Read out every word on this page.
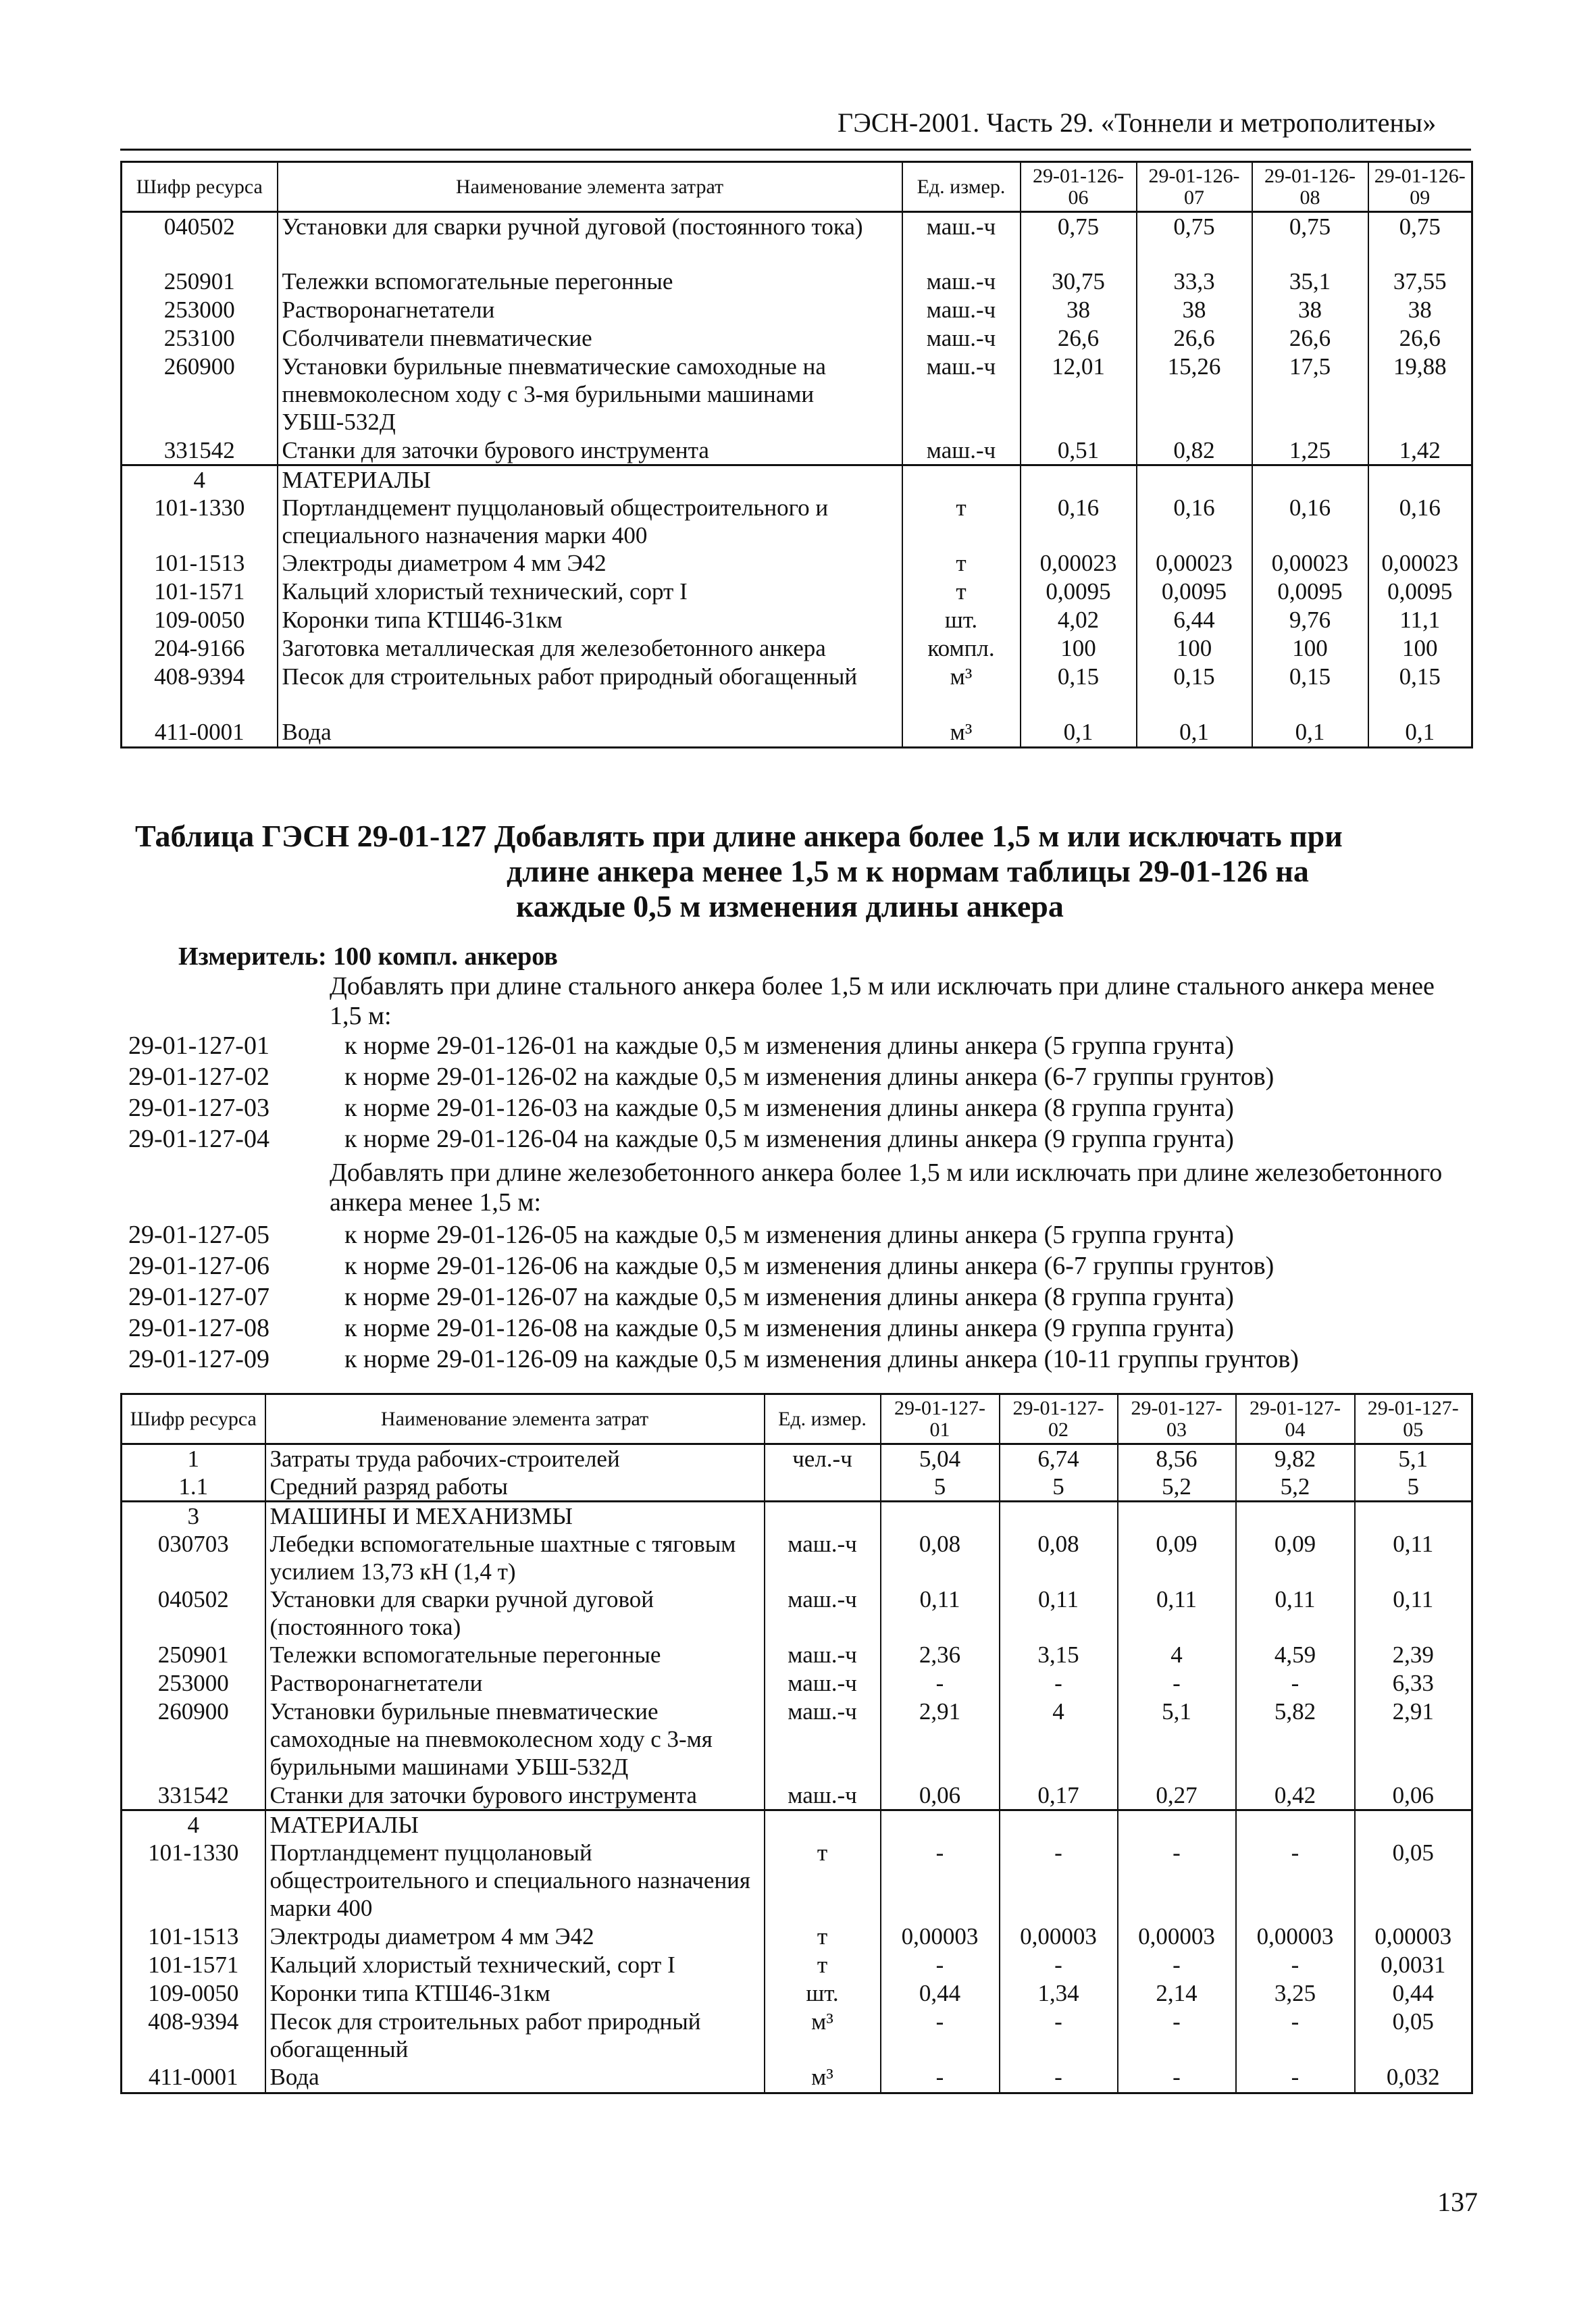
ГЭСН-2001. Часть 29. «Тоннели и метрополитены»
Шифр ресурса	Наименование элемента затрат	Ед. измер.	29-01-126-06	29-01-126-07	29-01-126-08	29-01-126-09
040502	Установки для сварки ручной дуговой (постоянного тока)	маш.-ч	0,75	0,75	0,75	0,75
250901	Тележки вспомогательные перегонные	маш.-ч	30,75	33,3	35,1	37,55
253000	Растворонагнетатели	маш.-ч	38	38	38	38
253100	Сболчиватели пневматические	маш.-ч	26,6	26,6	26,6	26,6
260900	Установки бурильные пневматические самоходные на пневмоколесном ходу с 3-мя бурильными машинами УБШ-532Д	маш.-ч	12,01	15,26	17,5	19,88
331542	Станки для заточки бурового инструмента	маш.-ч	0,51	0,82	1,25	1,42
4	МАТЕРИАЛЫ					
101-1330	Портландцемент пуццолановый общестроительного и специального назначения марки 400	т	0,16	0,16	0,16	0,16
101-1513	Электроды диаметром 4 мм Э42	т	0,00023	0,00023	0,00023	0,00023
101-1571	Кальций хлористый технический, сорт I	т	0,0095	0,0095	0,0095	0,0095
109-0050	Коронки типа КТШ46-31км	шт.	4,02	6,44	9,76	11,1
204-9166	Заготовка металлическая для железобетонного анкера	компл.	100	100	100	100
408-9394	Песок для строительных работ природный обогащенный	м³	0,15	0,15	0,15	0,15
411-0001	Вода	м³	0,1	0,1	0,1	0,1
Таблица ГЭСН 29-01-127 Добавлять при длине анкера более 1,5 м или исключать при
длине анкера менее 1,5 м к нормам таблицы 29-01-126 на
каждые 0,5 м изменения длины анкера
Измеритель: 100 компл. анкеров
Добавлять при длине стального анкера более 1,5 м или исключать при длине стального анкера менее 1,5 м:
29-01-127-01	к норме 29-01-126-01 на каждые 0,5 м изменения длины анкера (5 группа грунта)
29-01-127-02	к норме 29-01-126-02 на каждые 0,5 м изменения длины анкера (6-7 группы грунтов)
29-01-127-03	к норме 29-01-126-03 на каждые 0,5 м изменения длины анкера (8 группа грунта)
29-01-127-04	к норме 29-01-126-04 на каждые 0,5 м изменения длины анкера (9 группа грунта)
Добавлять при длине железобетонного анкера более 1,5 м или исключать при длине железобетонного анкера менее 1,5 м:
29-01-127-05	к норме 29-01-126-05 на каждые 0,5 м изменения длины анкера (5 группа грунта)
29-01-127-06	к норме 29-01-126-06 на каждые 0,5 м изменения длины анкера (6-7 группы грунтов)
29-01-127-07	к норме 29-01-126-07 на каждые 0,5 м изменения длины анкера (8 группа грунта)
29-01-127-08	к норме 29-01-126-08 на каждые 0,5 м изменения длины анкера (9 группа грунта)
29-01-127-09	к норме 29-01-126-09 на каждые 0,5 м изменения длины анкера (10-11 группы грунтов)
Шифр ресурса	Наименование элемента затрат	Ед. измер.	29-01-127-01	29-01-127-02	29-01-127-03	29-01-127-04	29-01-127-05
1	Затраты труда рабочих-строителей	чел.-ч	5,04	6,74	8,56	9,82	5,1
1.1	Средний разряд работы		5	5	5,2	5,2	5
3	МАШИНЫ И МЕХАНИЗМЫ						
030703	Лебедки вспомогательные шахтные с тяговым усилием 13,73 кН (1,4 т)	маш.-ч	0,08	0,08	0,09	0,09	0,11
040502	Установки для сварки ручной дуговой (постоянного тока)	маш.-ч	0,11	0,11	0,11	0,11	0,11
250901	Тележки вспомогательные перегонные	маш.-ч	2,36	3,15	4	4,59	2,39
253000	Растворонагнетатели	маш.-ч	-	-	-	-	6,33
260900	Установки бурильные пневматические самоходные на пневмоколесном ходу с 3-мя бурильными машинами УБШ-532Д	маш.-ч	2,91	4	5,1	5,82	2,91
331542	Станки для заточки бурового инструмента	маш.-ч	0,06	0,17	0,27	0,42	0,06
4	МАТЕРИАЛЫ						
101-1330	Портландцемент пуццолановый общестроительного и специального назначения марки 400	т	-	-	-	-	0,05
101-1513	Электроды диаметром 4 мм Э42	т	0,00003	0,00003	0,00003	0,00003	0,00003
101-1571	Кальций хлористый технический, сорт I	т	-	-	-	-	0,0031
109-0050	Коронки типа КТШ46-31км	шт.	0,44	1,34	2,14	3,25	0,44
408-9394	Песок для строительных работ природный обогащенный	м³	-	-	-	-	0,05
411-0001	Вода	м³	-	-	-	-	0,032
137
